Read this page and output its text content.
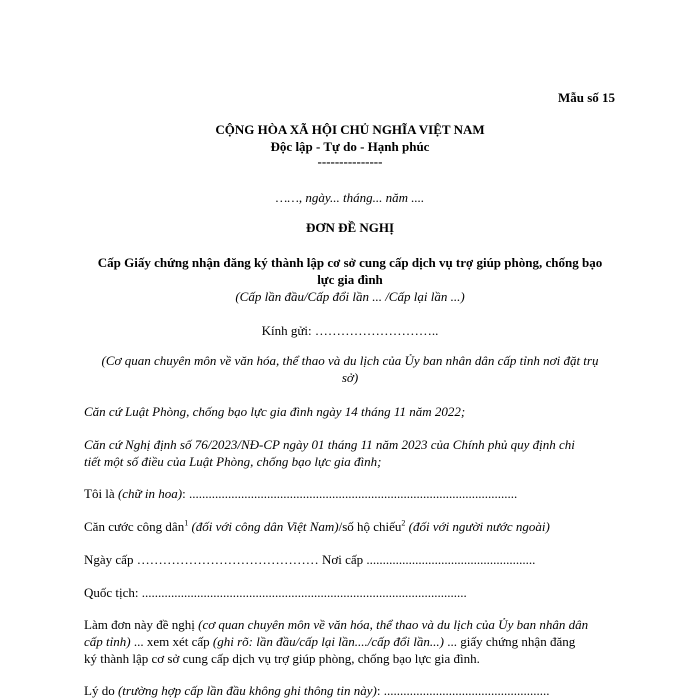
Mẫu số 15
CỘNG HÒA XÃ HỘI CHỦ NGHĨA VIỆT NAM
Độc lập - Tự do - Hạnh phúc
---------------
……, ngày... tháng... năm ....
ĐƠN ĐỀ NGHỊ
Cấp Giấy chứng nhận đăng ký thành lập cơ sở cung cấp dịch vụ trợ giúp phòng, chống bạo
lực gia đình
(Cấp lần đầu/Cấp đổi lần ... /Cấp lại lần ...)
Kính gửi: ………………………..
(Cơ quan chuyên môn về văn hóa, thể thao và du lịch của Ủy ban nhân dân cấp tỉnh nơi đặt trụ
sở)
Căn cứ Luật Phòng, chống bạo lực gia đình ngày 14 tháng 11 năm 2022;
Căn cứ Nghị định số 76/2023/NĐ-CP ngày 01 tháng 11 năm 2023 của Chính phủ quy định chi
tiết một số điều của Luật Phòng, chống bạo lực gia đình;
Tôi là (chữ in hoa): .....................................................................................................
Căn cước công dân$^1$ (đối với công dân Việt Nam)/số hộ chiếu$^2$ (đối với người nước ngoài)
Ngày cấp …………………………………… Nơi cấp ....................................................
Quốc tịch: ....................................................................................................
Làm đơn này đề nghị (cơ quan chuyên môn về văn hóa, thể thao và du lịch của Ủy ban nhân dân
cấp tỉnh) ... xem xét cấp (ghi rõ: lần đầu/cấp lại lần..../cấp đổi lần...) ... giấy chứng nhận đăng
ký thành lập cơ sở cung cấp dịch vụ trợ giúp phòng, chống bạo lực gia đình.
Lý do (trường hợp cấp lần đầu không ghi thông tin này): ...................................................
